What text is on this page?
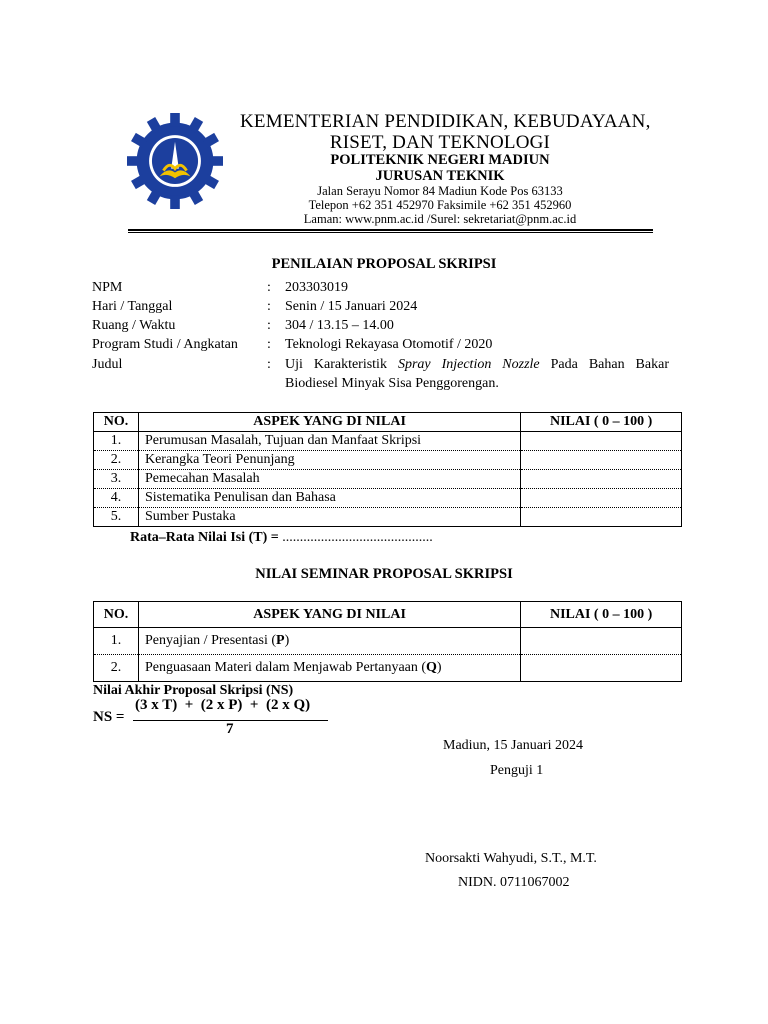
KEMENTERIAN PENDIDIKAN, KEBUDAYAAN,
RISET, DAN TEKNOLOGI
POLITEKNIK NEGERI MADIUN
JURUSAN TEKNIK
Jalan Serayu Nomor 84 Madiun Kode Pos 63133
Telepon +62 351 452970 Faksimile +62 351 452960
Laman: www.pnm.ac.id /Surel: sekretariat@pnm.ac.id
PENILAIAN PROPOSAL SKRIPSI
NPM	: 203303019
Hari / Tanggal	: Senin / 15 Januari 2024
Ruang / Waktu	: 304 / 13.15 – 14.00
Program Studi / Angkatan : Teknologi Rekayasa Otomotif / 2020
Judul	: Uji Karakteristik Spray Injection Nozzle Pada Bahan Bakar
Biodiesel Minyak Sisa Penggorengan.
NO.	ASPEK YANG DI NILAI	NILAI ( 0 – 100 )
1.	Perumusan Masalah, Tujuan dan Manfaat Skripsi	
2.	Kerangka Teori Penunjang	
3.	Pemecahan Masalah	
4.	Sistematika Penulisan dan Bahasa	
5.	Sumber Pustaka	
Rata–Rata Nilai Isi (T) = ...........................................
NILAI SEMINAR PROPOSAL SKRIPSI
NO.	ASPEK YANG DI NILAI	NILAI ( 0 – 100 )
1.	Penyajian / Presentasi (P)	
2.	Penguasaan Materi dalam Menjawab Pertanyaan (Q)	
Nilai Akhir Proposal Skripsi (NS)
NS =
(3 x T)  +  (2 x P)  +  (2 x Q)
7
Madiun, 15 Januari 2024
Penguji 1
Noorsakti Wahyudi, S.T., M.T.
NIDN. 0711067002
